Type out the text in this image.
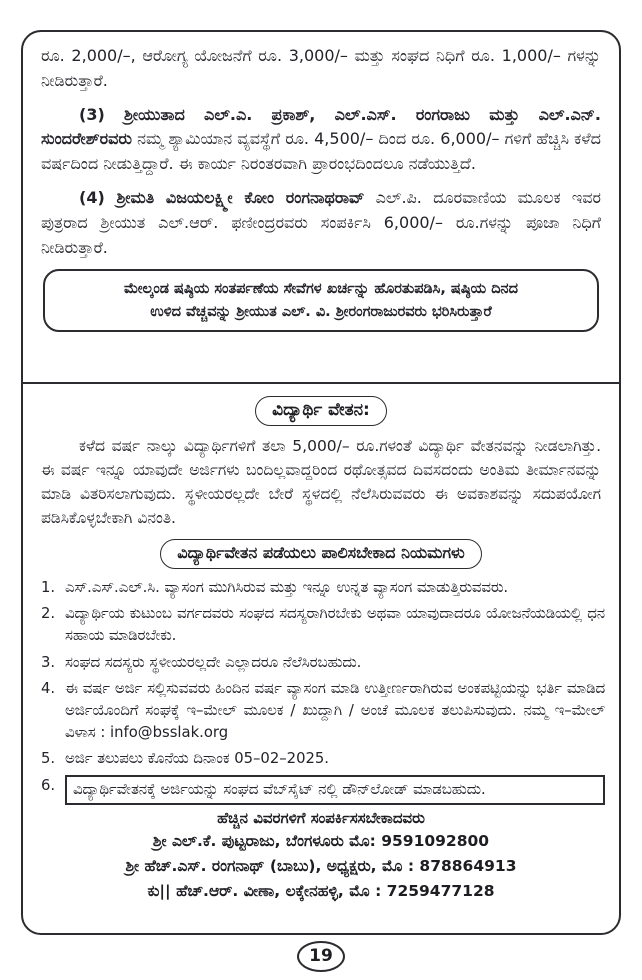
ರೂ. 2,000/–, ಆರೋಗ್ಯ ಯೋಜನೆಗೆ ರೂ. 3,000/– ಮತ್ತು ಸಂಘದ ನಿಧಿಗೆ ರೂ. 1,000/– ಗಳನ್ನು ನೀಡಿರುತ್ತಾರೆ.
(3) ಶ್ರೀಯುತಾದ ಎಲ್.ಎ. ಪ್ರಕಾಶ್, ಎಲ್.ಎಸ್. ರಂಗರಾಜು ಮತ್ತು ಎಲ್.ಎನ್. ಸುಂದರೇಶ್‌ರವರು ನಮ್ಮ ಶ್ಯಾಮಿಯಾನ ವ್ಯವಸ್ಥೆಗೆ ರೂ. 4,500/– ದಿಂದ ರೂ. 6,000/– ಗಳಿಗೆ ಹೆಚ್ಚಿಸಿ ಕಳೆದ ವರ್ಷದಿಂದ ನೀಡುತ್ತಿದ್ದಾರೆ. ಈ ಕಾರ್ಯ ನಿರಂತರವಾಗಿ ಪ್ರಾರಂಭದಿಂದಲೂ ನಡೆಯುತ್ತಿದೆ.
(4) ಶ್ರೀಮತಿ ವಿಜಯಲಕ್ಷ್ಮೀ ಕೋಂ ರಂಗನಾಥರಾವ್ ಎಲ್.ಪಿ. ದೂರವಾಣಿಯ ಮೂಲಕ ಇವರ ಪುತ್ರರಾದ ಶ್ರೀಯುತ ಎಲ್.ಆರ್. ಫಣೀಂದ್ರರವರು ಸಂಪರ್ಕಿಸಿ 6,000/– ರೂ.ಗಳನ್ನು ಪೂಜಾ ನಿಧಿಗೆ ನೀಡಿರುತ್ತಾರೆ.
ಮೇಲ್ಕಂಡ ಷಷ್ಠಿಯ ಸಂತರ್ಪಣೆಯ ಸೇವೆಗಳ ಖರ್ಚನ್ನು ಹೊರತುಪಡಿಸಿ, ಷಷ್ಠಿಯ ದಿನದ
ಉಳಿದ ವೆಚ್ಚವನ್ನು ಶ್ರೀಯುತ ಎಲ್. ವಿ. ಶ್ರೀರಂಗರಾಜುರವರು ಭರಿಸಿರುತ್ತಾರೆ
ವಿದ್ಯಾರ್ಥಿ ವೇತನ:
ಕಳೆದ ವರ್ಷ ನಾಲ್ಕು ವಿದ್ಯಾರ್ಥಿಗಳಿಗೆ ತಲಾ 5,000/– ರೂ.ಗಳಂತೆ ವಿದ್ಯಾರ್ಥಿ ವೇತನವನ್ನು ನೀಡಲಾಗಿತ್ತು. ಈ ವರ್ಷ ಇನ್ನೂ ಯಾವುದೇ ಅರ್ಜಿಗಳು ಬಂದಿಲ್ಲವಾದ್ದರಿಂದ ರಥೋತ್ಸವದ ದಿವಸದಂದು ಅಂತಿಮ ತೀರ್ಮಾನವನ್ನು ಮಾಡಿ ವಿತರಿಸಲಾಗುವುದು. ಸ್ಥಳೀಯರಲ್ಲದೇ ಬೇರೆ ಸ್ಥಳದಲ್ಲಿ ನೆಲೆಸಿರುವವರು ಈ ಅವಕಾಶವನ್ನು ಸದುಪಯೋಗ ಪಡಿಸಿಕೊಳ್ಳಬೇಕಾಗಿ ವಿನಂತಿ.
ವಿದ್ಯಾರ್ಥಿವೇತನ ಪಡೆಯಲು ಪಾಲಿಸಬೇಕಾದ ನಿಯಮಗಳು
1. ಎಸ್.ಎಸ್.ಎಲ್.ಸಿ. ವ್ಯಾಸಂಗ ಮುಗಿಸಿರುವ ಮತ್ತು ಇನ್ನೂ ಉನ್ನತ ವ್ಯಾಸಂಗ ಮಾಡುತ್ತಿರುವವರು.
2. ವಿದ್ಯಾರ್ಥಿಯ ಕುಟುಂಬ ವರ್ಗದವರು ಸಂಘದ ಸದಸ್ಯರಾಗಿರಬೇಕು ಅಥವಾ ಯಾವುದಾದರೂ ಯೋಜನೆಯಡಿಯಲ್ಲಿ ಧನ ಸಹಾಯ ಮಾಡಿರಬೇಕು.
3. ಸಂಘದ ಸದಸ್ಯರು ಸ್ಥಳೀಯರಲ್ಲದೇ ಎಲ್ಲಾದರೂ ನೆಲೆಸಿರಬಹುದು.
4. ಈ ವರ್ಷ ಅರ್ಜಿ ಸಲ್ಲಿಸುವವರು ಹಿಂದಿನ ವರ್ಷ ವ್ಯಾಸಂಗ ಮಾಡಿ ಉತ್ತೀರ್ಣರಾಗಿರುವ ಅಂಕಪಟ್ಟಿಯನ್ನು ಭರ್ತಿ ಮಾಡಿದ ಅರ್ಜಿಯೊಂದಿಗೆ ಸಂಘಕ್ಕೆ ಇ–ಮೇಲ್ ಮೂಲಕ / ಖುದ್ದಾಗಿ / ಅಂಚೆ ಮೂಲಕ ತಲುಪಿಸುವುದು. ನಮ್ಮ ಇ–ಮೇಲ್ ವಿಳಾಸ : info@bsslak.org
5. ಅರ್ಜಿ ತಲುಪಲು ಕೊನೆಯ ದಿನಾಂಕ 05–02–2025.
6.	ವಿದ್ಯಾರ್ಥಿವೇತನಕ್ಕೆ ಅರ್ಜಿಯನ್ನು ಸಂಘದ ವೆಬ್‌ಸೈಟ್ ನಲ್ಲಿ ಡೌನ್‌ಲೋಡ್ ಮಾಡಬಹುದು.
ಹೆಚ್ಚಿನ ವಿವರಗಳಿಗೆ ಸಂಪರ್ಕಿಸಸಬೇಕಾದವರು
ಶ್ರೀ ಎಲ್.ಕೆ. ಪುಟ್ಟರಾಜು, ಬೆಂಗಳೂರು ಮೊ: 9591092800
ಶ್ರೀ ಹೆಚ್.ಎಸ್. ರಂಗನಾಥ್ (ಬಾಬು), ಅಧ್ಯಕ್ಷರು, ಮೊ : 878864913
ಕು|| ಹೆಚ್.ಆರ್. ವೀಣಾ, ಲಕ್ಕೇನಹಳ್ಳಿ, ಮೊ : 7259477128
19
